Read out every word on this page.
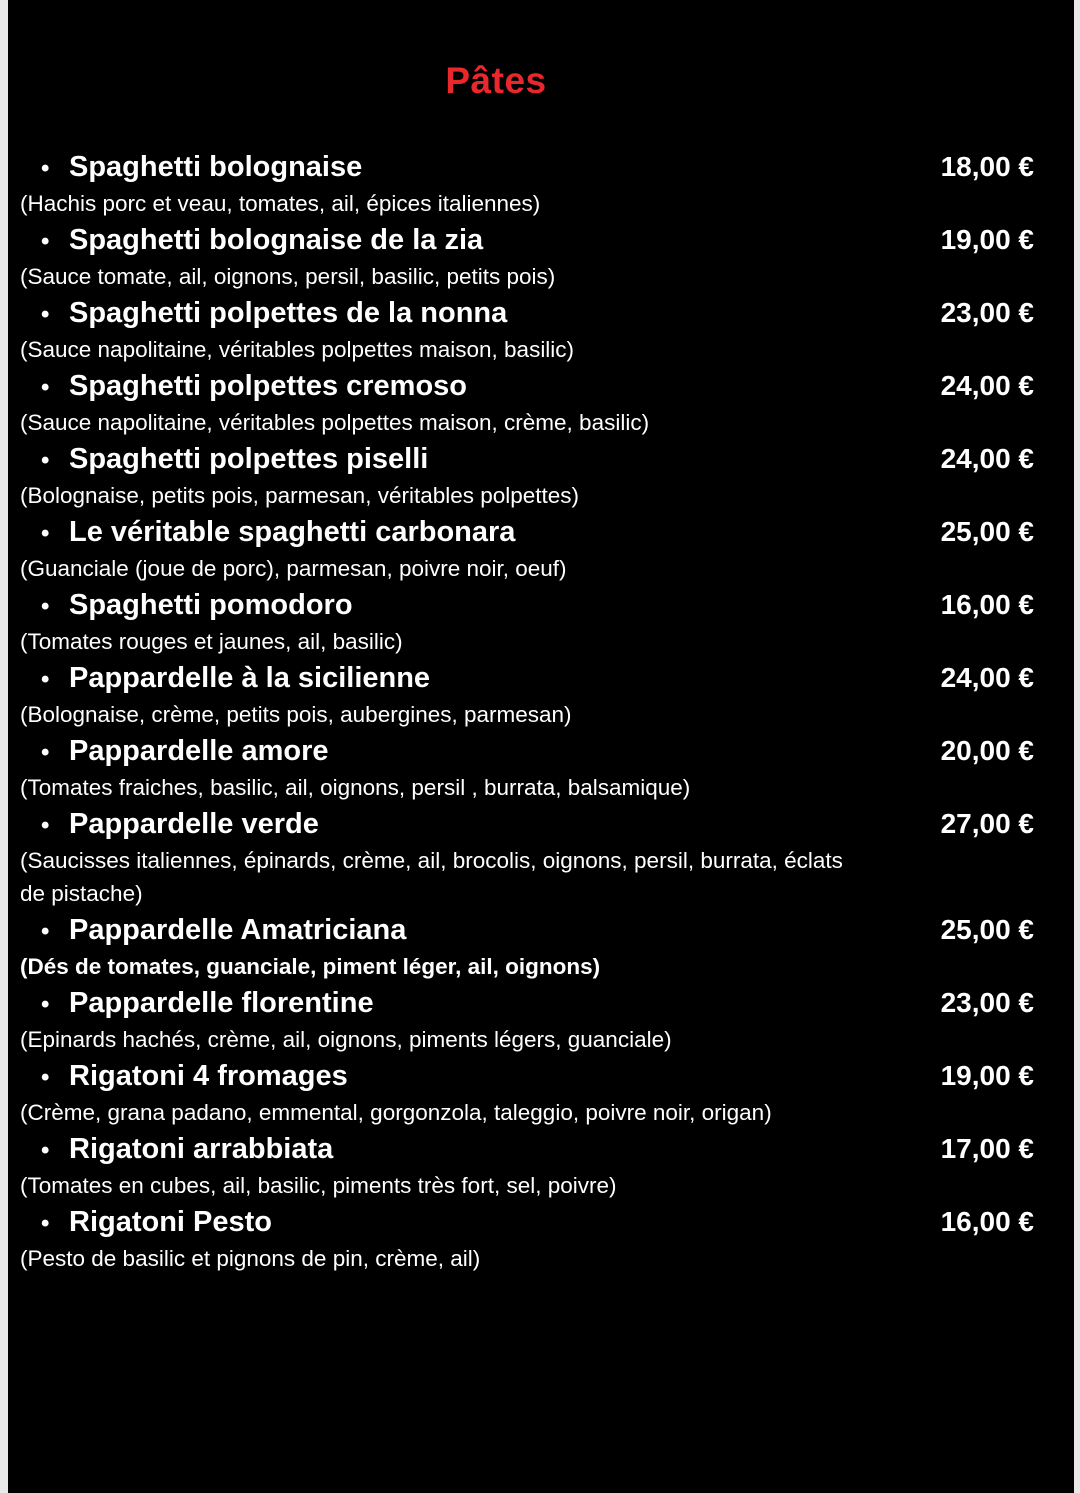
Pâtes
• Spaghetti bolognaise	18,00 €
(Hachis porc et veau, tomates, ail, épices italiennes)
• Spaghetti bolognaise de la zia	19,00 €
(Sauce tomate, ail, oignons, persil, basilic, petits pois)
• Spaghetti polpettes de la nonna	23,00 €
(Sauce napolitaine, véritables polpettes maison, basilic)
• Spaghetti polpettes cremoso	24,00 €
(Sauce napolitaine, véritables polpettes maison, crème, basilic)
• Spaghetti polpettes piselli	24,00 €
(Bolognaise, petits pois, parmesan, véritables polpettes)
• Le véritable spaghetti carbonara	25,00 €
(Guanciale (joue de porc), parmesan, poivre noir, oeuf)
• Spaghetti pomodoro	16,00 €
(Tomates rouges et jaunes, ail, basilic)
• Pappardelle à la sicilienne	24,00 €
(Bolognaise, crème, petits pois, aubergines, parmesan)
• Pappardelle amore	20,00 €
(Tomates fraiches, basilic, ail, oignons, persil , burrata, balsamique)
• Pappardelle verde	27,00 €
(Saucisses italiennes, épinards, crème, ail, brocolis, oignons, persil, burrata, éclats de pistache)
• Pappardelle Amatriciana	25,00 €
(Dés de tomates, guanciale, piment léger, ail, oignons)
• Pappardelle florentine	23,00 €
(Epinards hachés, crème, ail, oignons, piments légers, guanciale)
• Rigatoni 4 fromages	19,00 €
(Crème, grana padano, emmental, gorgonzola, taleggio, poivre noir, origan)
• Rigatoni arrabbiata	17,00 €
(Tomates en cubes, ail, basilic, piments très fort, sel, poivre)
• Rigatoni Pesto	16,00 €
(Pesto de basilic et pignons de pin, crème, ail)
